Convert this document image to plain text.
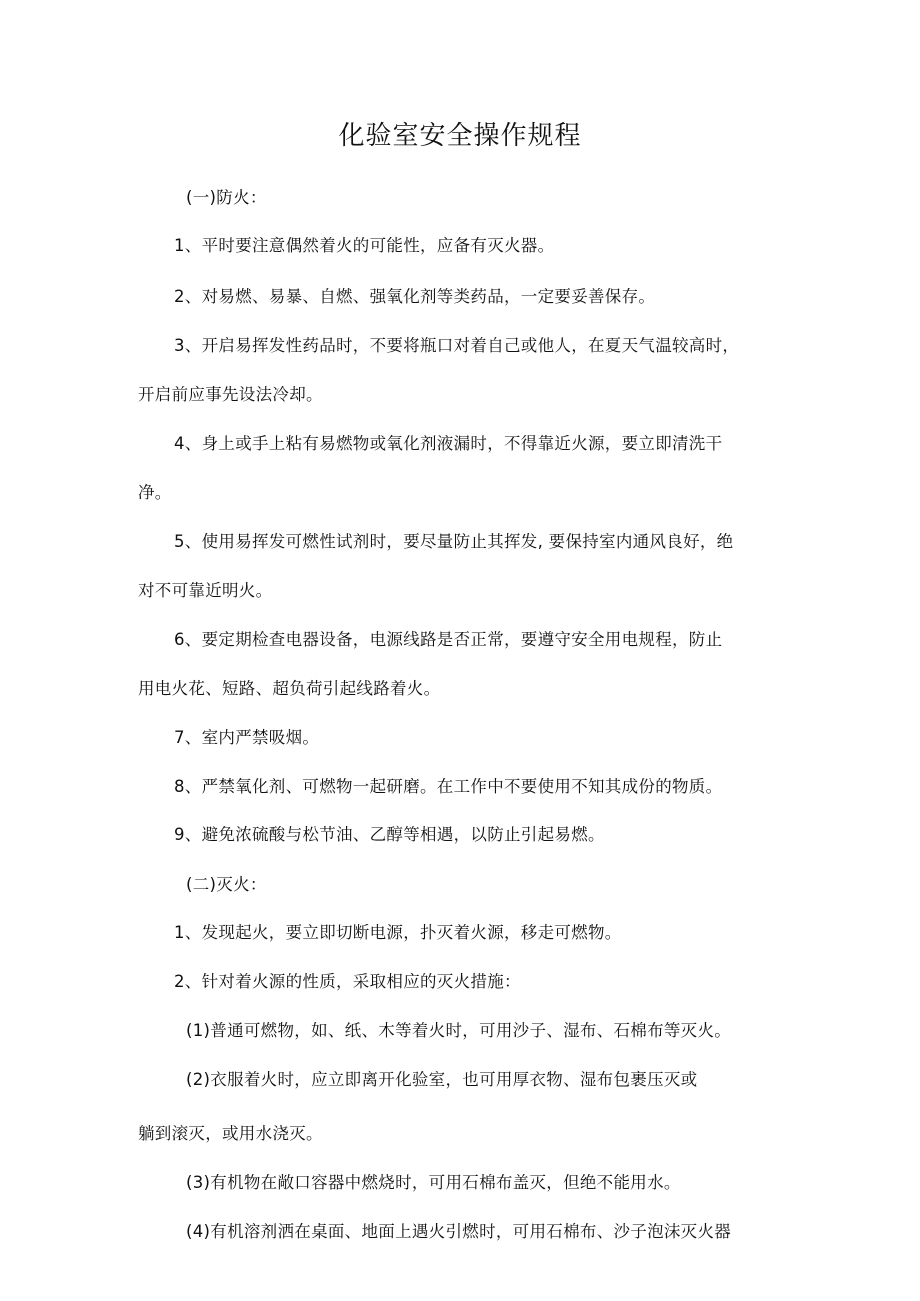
化验室安全操作规程
(一)防火：
1、平时要注意偶然着火的可能性，应备有灭火器。
2、对易燃、易暴、自燃、强氧化剂等类药品，一定要妥善保存。
3、开启易挥发性药品时，不要将瓶口对着自己或他人，在夏天气温较高时，
开启前应事先设法冷却。
4、身上或手上粘有易燃物或氧化剂液漏时，不得靠近火源，要立即清洗干
净。
5、使用易挥发可燃性试剂时，要尽量防止其挥发, 要保持室内通风良好，绝
对不可靠近明火。
6、要定期检查电器设备，电源线路是否正常，要遵守安全用电规程，防止
用电火花、短路、超负荷引起线路着火。
7、室内严禁吸烟。
8、严禁氧化剂、可燃物一起研磨。在工作中不要使用不知其成份的物质。
9、避免浓硫酸与松节油、乙醇等相遇，以防止引起易燃。
(二)灭火：
1、发现起火，要立即切断电源，扑灭着火源，移走可燃物。
2、针对着火源的性质，采取相应的灭火措施：
(1)普通可燃物，如、纸、木等着火时，可用沙子、湿布、石棉布等灭火。
(2)衣服着火时，应立即离开化验室，也可用厚衣物、湿布包裹压灭或
躺到滚灭，或用水浇灭。
(3)有机物在敞口容器中燃烧时，可用石棉布盖灭，但绝不能用水。
(4)有机溶剂洒在桌面、地面上遇火引燃时，可用石棉布、沙子泡沫灭火器
